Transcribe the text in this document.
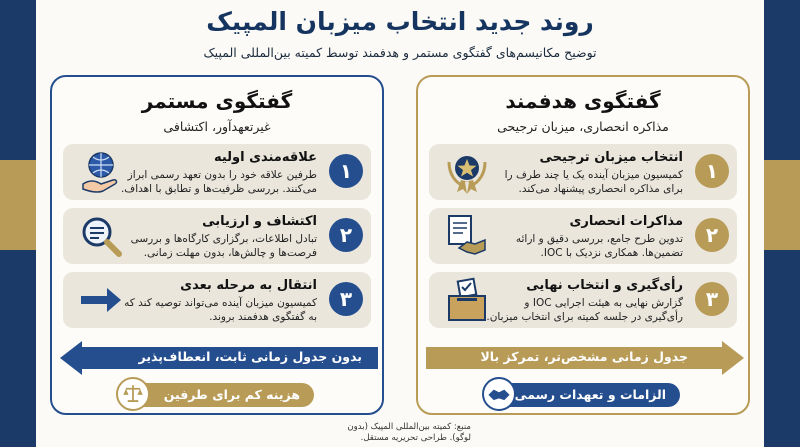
روند جدید انتخاب میزبان المپیک
توضیح مکانیسم‌های گفتگوی مستمر و هدفمند توسط کمیته بین‌المللی المپیک
گفتگوی مستمر
غیرتعهدآور، اکتشافی
۱
علاقه‌مندی اولیه
طرفین علاقه خود را بدون تعهد رسمی ابراز می‌کنند. بررسی ظرفیت‌ها و تطابق با اهداف.
۲
اکتشاف و ارزیابی
تبادل اطلاعات، برگزاری کارگاه‌ها و بررسی فرصت‌ها و چالش‌ها، بدون مهلت زمانی.
۳
انتقال به مرحله بعدی
کمیسیون میزبان آینده می‌تواند توصیه کند که به گفتگوی هدفمند بروند.
بدون جدول زمانی ثابت، انعطاف‌پذیر
هزینه کم برای طرفین
گفتگوی هدفمند
مذاکره انحصاری، میزبان ترجیحی
۱
انتخاب میزبان ترجیحی
کمیسیون میزبان آینده یک یا چند طرف را برای مذاکره انحصاری پیشنهاد می‌کند.
۲
مذاکرات انحصاری
تدوین طرح جامع، بررسی دقیق و ارائه تضمین‌ها. همکاری نزدیک با IOC.
۳
رأی‌گیری و انتخاب نهایی
گزارش نهایی به هیئت اجرایی IOC و رأی‌گیری در جلسه کمیته برای انتخاب میزبان.
جدول زمانی مشخص‌تر، تمرکز بالا
الزامات و تعهدات رسمی
منبع: کمیته بین‌المللی المپیک (بدون لوگو). طراحی تحریریه مستقل.
